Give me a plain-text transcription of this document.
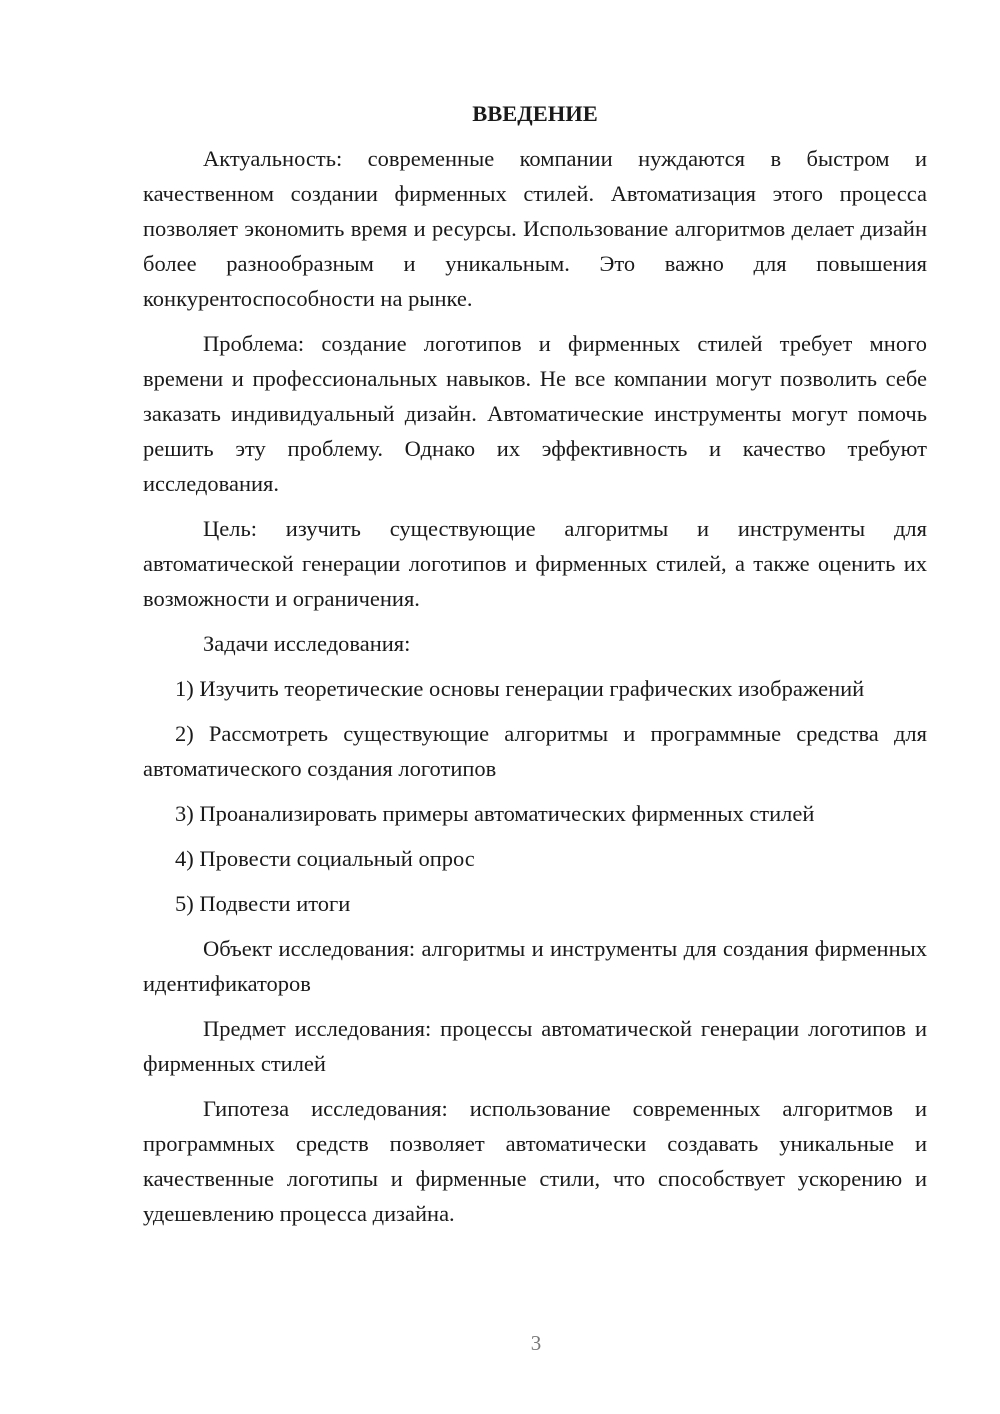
ВВЕДЕНИЕ

Актуальность: современные компании нуждаются в быстром и качественном создании фирменных стилей. Автоматизация этого процесса позволяет экономить время и ресурсы. Использование алгоритмов делает дизайн более разнообразным и уникальным. Это важно для повышения конкурентоспособности на рынке.

Проблема: создание логотипов и фирменных стилей требует много времени и профессиональных навыков. Не все компании могут позволить себе заказать индивидуальный дизайн. Автоматические инструменты могут помочь решить эту проблему. Однако их эффективность и качество требуют исследования.

Цель: изучить существующие алгоритмы и инструменты для автоматической генерации логотипов и фирменных стилей, а также оценить их возможности и ограничения.

Задачи исследования:

1) Изучить теоретические основы генерации графических изображений

2) Рассмотреть существующие алгоритмы и программные средства для автоматического создания логотипов

3) Проанализировать примеры автоматических фирменных стилей

4) Провести социальный опрос

5) Подвести итоги

Объект исследования: алгоритмы и инструменты для создания фирменных идентификаторов

Предмет исследования: процессы автоматической генерации логотипов и фирменных стилей

Гипотеза исследования: использование современных алгоритмов и программных средств позволяет автоматически создавать уникальные и качественные логотипы и фирменные стили, что способствует ускорению и удешевлению процесса дизайна.

3
